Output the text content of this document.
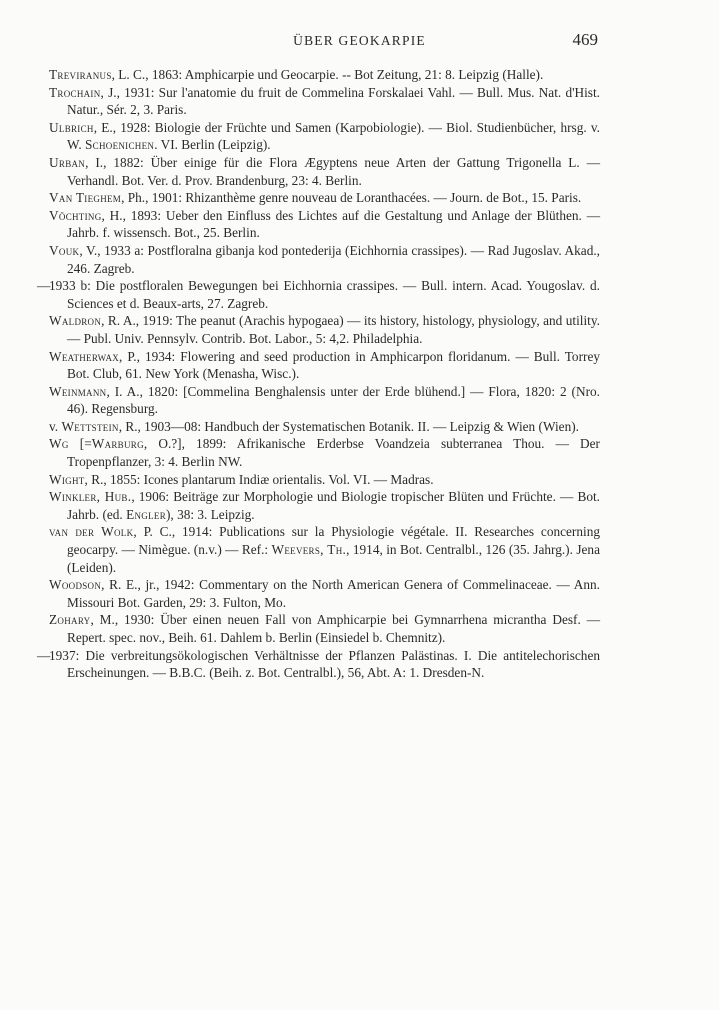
ÜBER GEOKARPIE	469

Treviranus, L. C., 1863: Amphicarpie und Geocarpie. -- Bot Zeitung, 21: 8. Leipzig (Halle).

Trochain, J., 1931: Sur l'anatomie du fruit de Commelina Forskalaei Vahl. — Bull. Mus. Nat. d'Hist. Natur., Sér. 2, 3. Paris.

Ulbrich, E., 1928: Biologie der Früchte und Samen (Karpobiologie). — Biol. Studienbücher, hrsg. v. W. Schoenichen. VI. Berlin (Leipzig).

Urban, I., 1882: Über einige für die Flora Ægyptens neue Arten der Gattung Trigonella L. — Verhandl. Bot. Ver. d. Prov. Brandenburg, 23: 4. Berlin.

Van Tieghem, Ph., 1901: Rhizanthème genre nouveau de Loranthacées. — Journ. de Bot., 15. Paris.

Vöchting, H., 1893: Ueber den Einfluss des Lichtes auf die Gestaltung und Anlage der Blüthen. — Jahrb. f. wissensch. Bot., 25. Berlin.

Vouk, V., 1933 a: Postfloralna gibanja kod pontederija (Eichhornia crassipes). — Rad Jugoslav. Akad., 246. Zagreb.

—1933 b: Die postfloralen Bewegungen bei Eichhornia crassipes. — Bull. intern. Acad. Yougoslav. d. Sciences et d. Beaux-arts, 27. Zagreb.

Waldron, R. A., 1919: The peanut (Arachis hypogaea) — its history, histology, physiology, and utility. — Publ. Univ. Pennsylv. Contrib. Bot. Labor., 5: 4,2. Philadelphia.

Weatherwax, P., 1934: Flowering and seed production in Amphicarpon floridanum. — Bull. Torrey Bot. Club, 61. New York (Menasha, Wisc.).

Weinmann, I. A., 1820: [Commelina Benghalensis unter der Erde blühend.] — Flora, 1820: 2 (Nro. 46). Regensburg.

v. Wettstein, R., 1903—08: Handbuch der Systematischen Botanik. II. — Leipzig & Wien (Wien).

Wg [=Warburg, O.?], 1899: Afrikanische Erderbse Voandzeia subterranea Thou. — Der Tropenpflanzer, 3: 4. Berlin NW.

Wight, R., 1855: Icones plantarum Indiæ orientalis. Vol. VI. — Madras.

Winkler, Hub., 1906: Beiträge zur Morphologie und Biologie tropischer Blüten und Früchte. — Bot. Jahrb. (ed. Engler), 38: 3. Leipzig.

van der Wolk, P. C., 1914: Publications sur la Physiologie végétale. II. Researches concerning geocarpy. — Nimègue. (n.v.) — Ref.: Weevers, Th., 1914, in Bot. Centralbl., 126 (35. Jahrg.). Jena (Leiden).

Woodson, R. E., jr., 1942: Commentary on the North American Genera of Commelinaceae. — Ann. Missouri Bot. Garden, 29: 3. Fulton, Mo.

Zohary, M., 1930: Über einen neuen Fall von Amphicarpie bei Gymnarrhena micrantha Desf. — Repert. spec. nov., Beih. 61. Dahlem b. Berlin (Einsiedel b. Chemnitz).

—1937: Die verbreitungsökologischen Verhältnisse der Pflanzen Palästinas. I. Die antitelechorischen Erscheinungen. — B.B.C. (Beih. z. Bot. Centralbl.), 56, Abt. A: 1. Dresden-N.
